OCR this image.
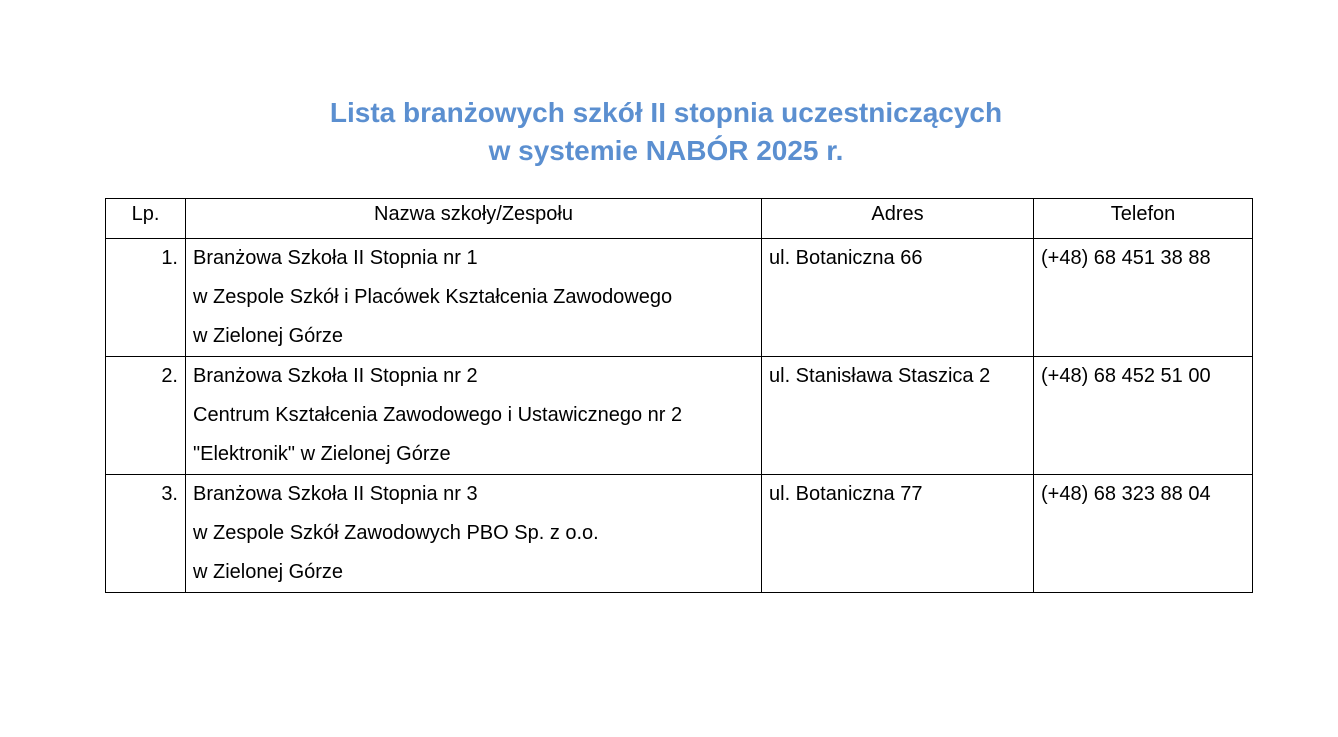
Lista branżowych szkół II stopnia uczestniczących
w systemie NABÓR 2025 r.
Lp.	Nazwa szkoły/Zespołu	Adres	Telefon
1.	Branżowa Szkoła II Stopnia nr 1
w Zespole Szkół i Placówek Kształcenia Zawodowego
w Zielonej Górze	ul. Botaniczna 66	(+48) 68 451 38 88
2.	Branżowa Szkoła II Stopnia nr 2
Centrum Kształcenia Zawodowego i Ustawicznego nr 2
"Elektronik" w Zielonej Górze	ul. Stanisława Staszica 2	(+48) 68 452 51 00
3.	Branżowa Szkoła II Stopnia nr 3
w Zespole Szkół Zawodowych PBO Sp. z o.o.
w Zielonej Górze	ul. Botaniczna 77	(+48) 68 323 88 04
